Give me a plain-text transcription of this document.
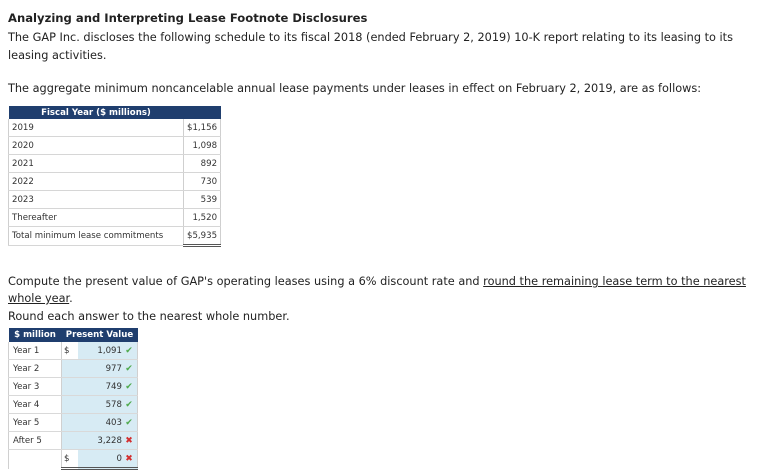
Analyzing and Interpreting Lease Footnote Disclosures
The GAP Inc. discloses the following schedule to its fiscal 2018 (ended February 2, 2019) 10-K report relating to its leasing to its leasing activities.
The aggregate minimum noncancelable annual lease payments under leases in effect on February 2, 2019, are as follows:
Fiscal Year ($ millions)	
2019	$1,156
2020	1,098
2021	892
2022	730
2023	539
Thereafter	1,520
Total minimum lease commitments	$5,935
Compute the present value of GAP's operating leases using a 6% discount rate and round the remaining lease term to the nearest whole year.
Round each answer to the nearest whole number.
$ million	Present Value	
Year 1	$	1,091 ✔
Year 2		977 ✔
Year 3		749 ✔
Year 4		578 ✔
Year 5		403 ✔
After 5		3,228 ✖
	$	0 ✖
